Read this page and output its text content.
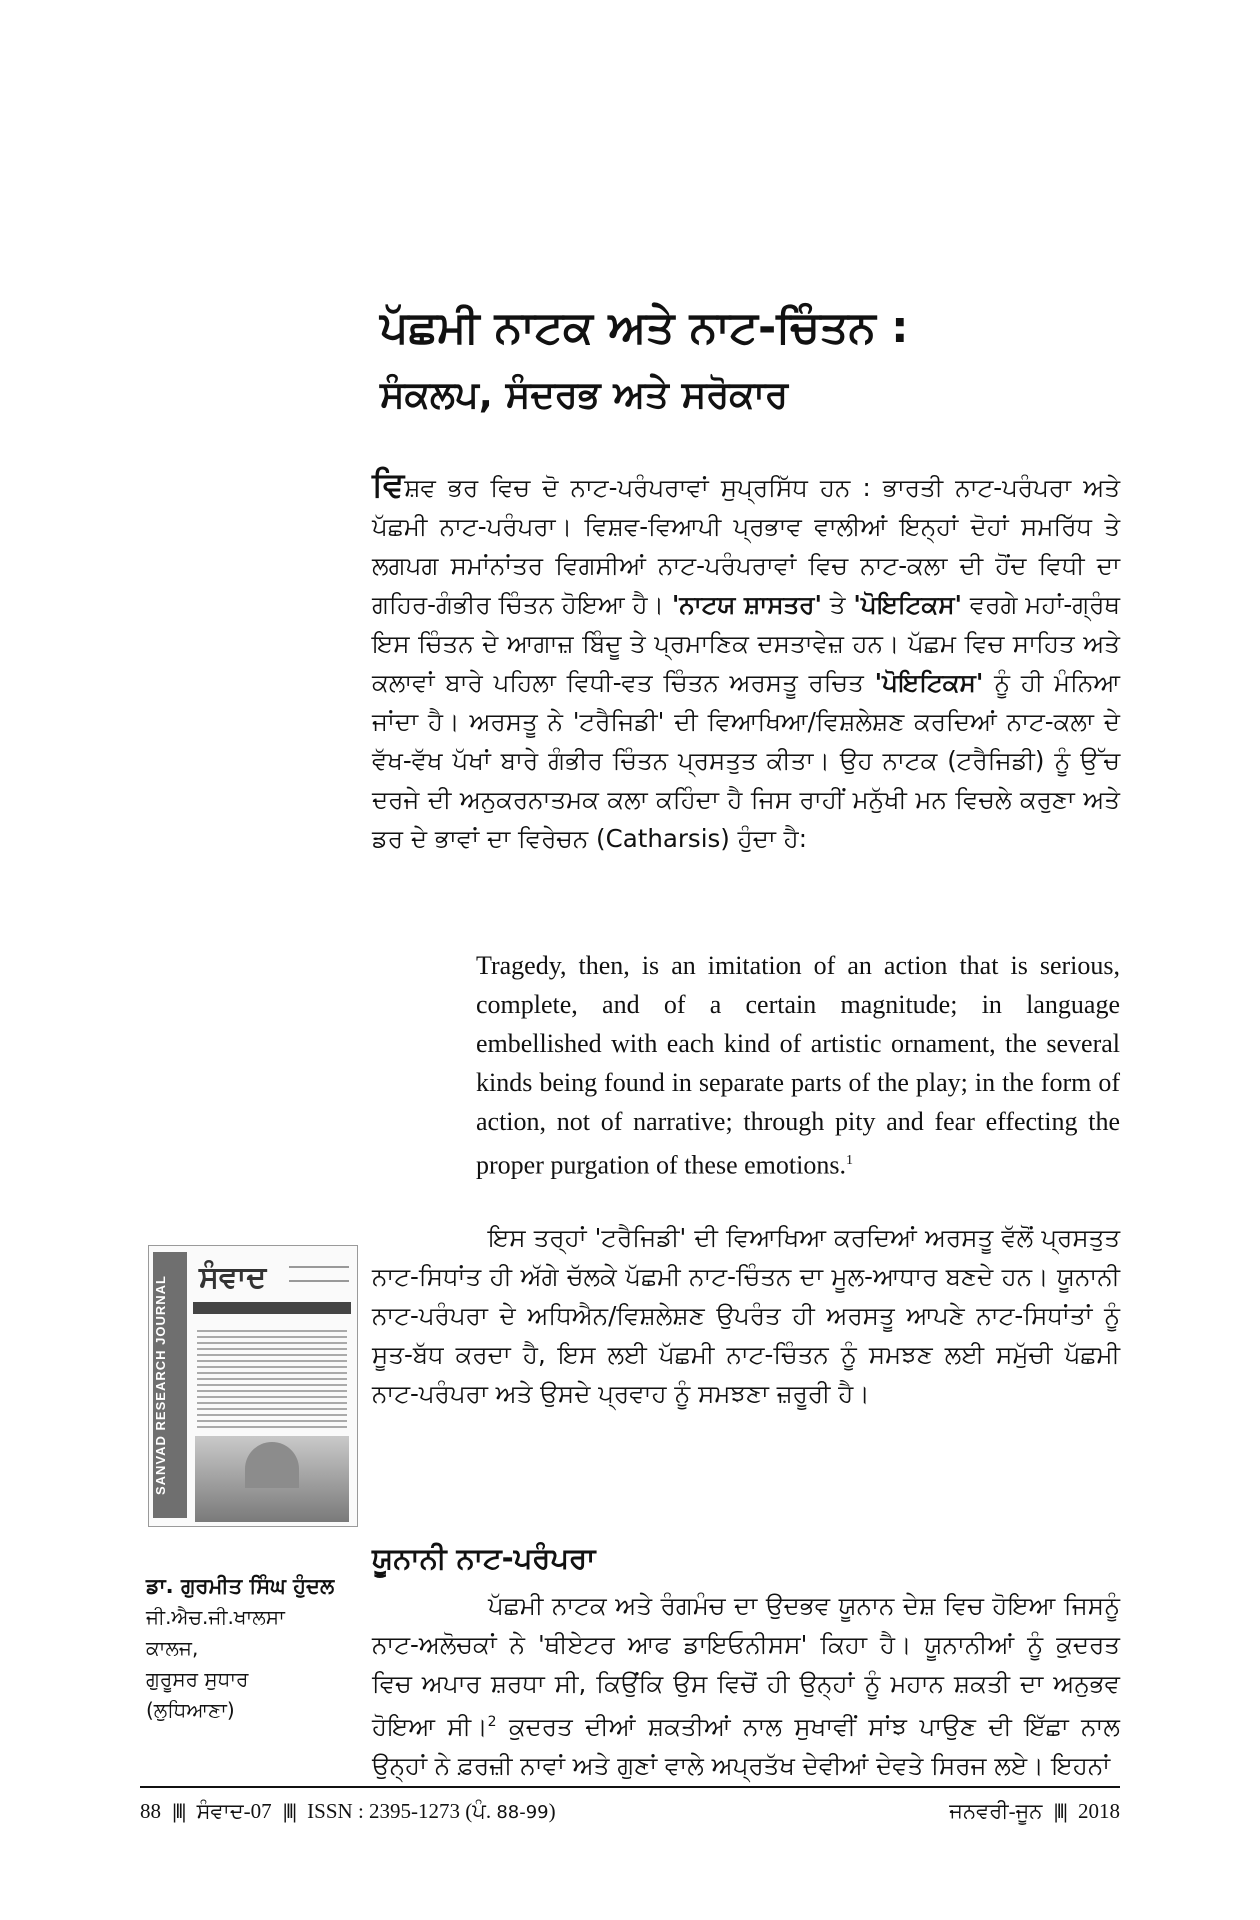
ਪੱਛਮੀ ਨਾਟਕ ਅਤੇ ਨਾਟ-ਚਿੰਤਨ :
ਸੰਕਲਪ, ਸੰਦਰਭ ਅਤੇ ਸਰੋਕਾਰ

ਵਿਸ਼ਵ ਭਰ ਵਿਚ ਦੋ ਨਾਟ-ਪਰੰਪਰਾਵਾਂ ਸੁਪ੍ਰਸਿੱਧ ਹਨ : ਭਾਰਤੀ ਨਾਟ-ਪਰੰਪਰਾ ਅਤੇ ਪੱਛਮੀ ਨਾਟ-ਪਰੰਪਰਾ। ਵਿਸ਼ਵ-ਵਿਆਪੀ ਪ੍ਰਭਾਵ ਵਾਲੀਆਂ ਇਨ੍ਹਾਂ ਦੋਹਾਂ ਸਮਰਿੱਧ ਤੇ ਲਗਪਗ ਸਮਾਂਨਾਂਤਰ ਵਿਗਸੀਆਂ ਨਾਟ-ਪਰੰਪਰਾਵਾਂ ਵਿਚ ਨਾਟ-ਕਲਾ ਦੀ ਹੋਂਦ ਵਿਧੀ ਦਾ ਗਹਿਰ-ਗੰਭੀਰ ਚਿੰਤਨ ਹੋਇਆ ਹੈ। 'ਨਾਟਯ ਸ਼ਾਸਤਰ' ਤੇ 'ਪੋਇਟਿਕਸ' ਵਰਗੇ ਮਹਾਂ-ਗ੍ਰੰਥ ਇਸ ਚਿੰਤਨ ਦੇ ਆਗਾਜ਼ ਬਿੰਦੂ ਤੇ ਪ੍ਰਮਾਣਿਕ ਦਸਤਾਵੇਜ਼ ਹਨ। ਪੱਛਮ ਵਿਚ ਸਾਹਿਤ ਅਤੇ ਕਲਾਵਾਂ ਬਾਰੇ ਪਹਿਲਾ ਵਿਧੀ-ਵਤ ਚਿੰਤਨ ਅਰਸਤੂ ਰਚਿਤ 'ਪੋਇਟਿਕਸ' ਨੂੰ ਹੀ ਮੰਨਿਆ ਜਾਂਦਾ ਹੈ। ਅਰਸਤੂ ਨੇ 'ਟਰੈਜਿਡੀ' ਦੀ ਵਿਆਖਿਆ/ਵਿਸ਼ਲੇਸ਼ਣ ਕਰਦਿਆਂ ਨਾਟ-ਕਲਾ ਦੇ ਵੱਖ-ਵੱਖ ਪੱਖਾਂ ਬਾਰੇ ਗੰਭੀਰ ਚਿੰਤਨ ਪ੍ਰਸਤੁਤ ਕੀਤਾ। ਉਹ ਨਾਟਕ (ਟਰੈਜਿਡੀ) ਨੂੰ ਉੱਚ ਦਰਜੇ ਦੀ ਅਨੁਕਰਨਾਤਮਕ ਕਲਾ ਕਹਿੰਦਾ ਹੈ ਜਿਸ ਰਾਹੀਂ ਮਨੁੱਖੀ ਮਨ ਵਿਚਲੇ ਕਰੁਣਾ ਅਤੇ ਡਰ ਦੇ ਭਾਵਾਂ ਦਾ ਵਿਰੇਚਨ (Catharsis) ਹੁੰਦਾ ਹੈ:

Tragedy, then, is an imitation of an action that is serious, complete, and of a certain magnitude; in language embellished with each kind of artistic ornament, the several kinds being found in separate parts of the play; in the form of action, not of narrative; through pity and fear effecting the proper purgation of these emotions.$^1$

ਇਸ ਤਰ੍ਹਾਂ 'ਟਰੈਜਿਡੀ' ਦੀ ਵਿਆਖਿਆ ਕਰਦਿਆਂ ਅਰਸਤੂ ਵੱਲੋਂ ਪ੍ਰਸਤੁਤ ਨਾਟ-ਸਿਧਾਂਤ ਹੀ ਅੱਗੇ ਚੱਲਕੇ ਪੱਛਮੀ ਨਾਟ-ਚਿੰਤਨ ਦਾ ਮੂਲ-ਆਧਾਰ ਬਣਦੇ ਹਨ। ਯੂਨਾਨੀ ਨਾਟ-ਪਰੰਪਰਾ ਦੇ ਅਧਿਐਨ/ਵਿਸ਼ਲੇਸ਼ਣ ਉਪਰੰਤ ਹੀ ਅਰਸਤੂ ਆਪਣੇ ਨਾਟ-ਸਿਧਾਂਤਾਂ ਨੂੰ ਸੂਤ-ਬੱਧ ਕਰਦਾ ਹੈ, ਇਸ ਲਈ ਪੱਛਮੀ ਨਾਟ-ਚਿੰਤਨ ਨੂੰ ਸਮਝਣ ਲਈ ਸਮੁੱਚੀ ਪੱਛਮੀ ਨਾਟ-ਪਰੰਪਰਾ ਅਤੇ ਉਸਦੇ ਪ੍ਰਵਾਹ ਨੂੰ ਸਮਝਣਾ ਜ਼ਰੂਰੀ ਹੈ।

ਯੂਨਾਨੀ ਨਾਟ-ਪਰੰਪਰਾ

ਪੱਛਮੀ ਨਾਟਕ ਅਤੇ ਰੰਗਮੰਚ ਦਾ ਉਦਭਵ ਯੂਨਾਨ ਦੇਸ਼ ਵਿਚ ਹੋਇਆ ਜਿਸਨੂੰ ਨਾਟ-ਅਲੋਚਕਾਂ ਨੇ 'ਥੀਏਟਰ ਆਫ ਡਾਇਓਨੀਸਸ' ਕਿਹਾ ਹੈ। ਯੂਨਾਨੀਆਂ ਨੂੰ ਕੁਦਰਤ ਵਿਚ ਅਪਾਰ ਸ਼ਰਧਾ ਸੀ, ਕਿਉਂਕਿ ਉਸ ਵਿਚੋਂ ਹੀ ਉਨ੍ਹਾਂ ਨੂੰ ਮਹਾਨ ਸ਼ਕਤੀ ਦਾ ਅਨੁਭਵ ਹੋਇਆ ਸੀ।$^2$ ਕੁਦਰਤ ਦੀਆਂ ਸ਼ਕਤੀਆਂ ਨਾਲ ਸੁਖਾਵੀਂ ਸਾਂਝ ਪਾਉਣ ਦੀ ਇੱਛਾ ਨਾਲ ਉਨ੍ਹਾਂ ਨੇ ਫ਼ਰਜ਼ੀ ਨਾਵਾਂ ਅਤੇ ਗੁਣਾਂ ਵਾਲੇ ਅਪ੍ਰਤੱਖ ਦੇਵੀਆਂ ਦੇਵਤੇ ਸਿਰਜ ਲਏ। ਇਹਨਾਂ

SANVAD RESEARCH JOURNAL	ਸੰਵਾਦ

ਡਾ. ਗੁਰਮੀਤ ਸਿੰਘ ਹੁੰਦਲ

ਜੀ.ਐਚ.ਜੀ.ਖਾਲਸਾ

ਕਾਲਜ,

ਗੁਰੂਸਰ ਸੁਧਾਰ

(ਲੁਧਿਆਣਾ)

88 |‖| ਸੰਵਾਦ-07 |‖| ISSN : 2395-1273 (ਪੰ. 88-99)	ਜਨਵਰੀ-ਜੂਨ |‖| 2018
